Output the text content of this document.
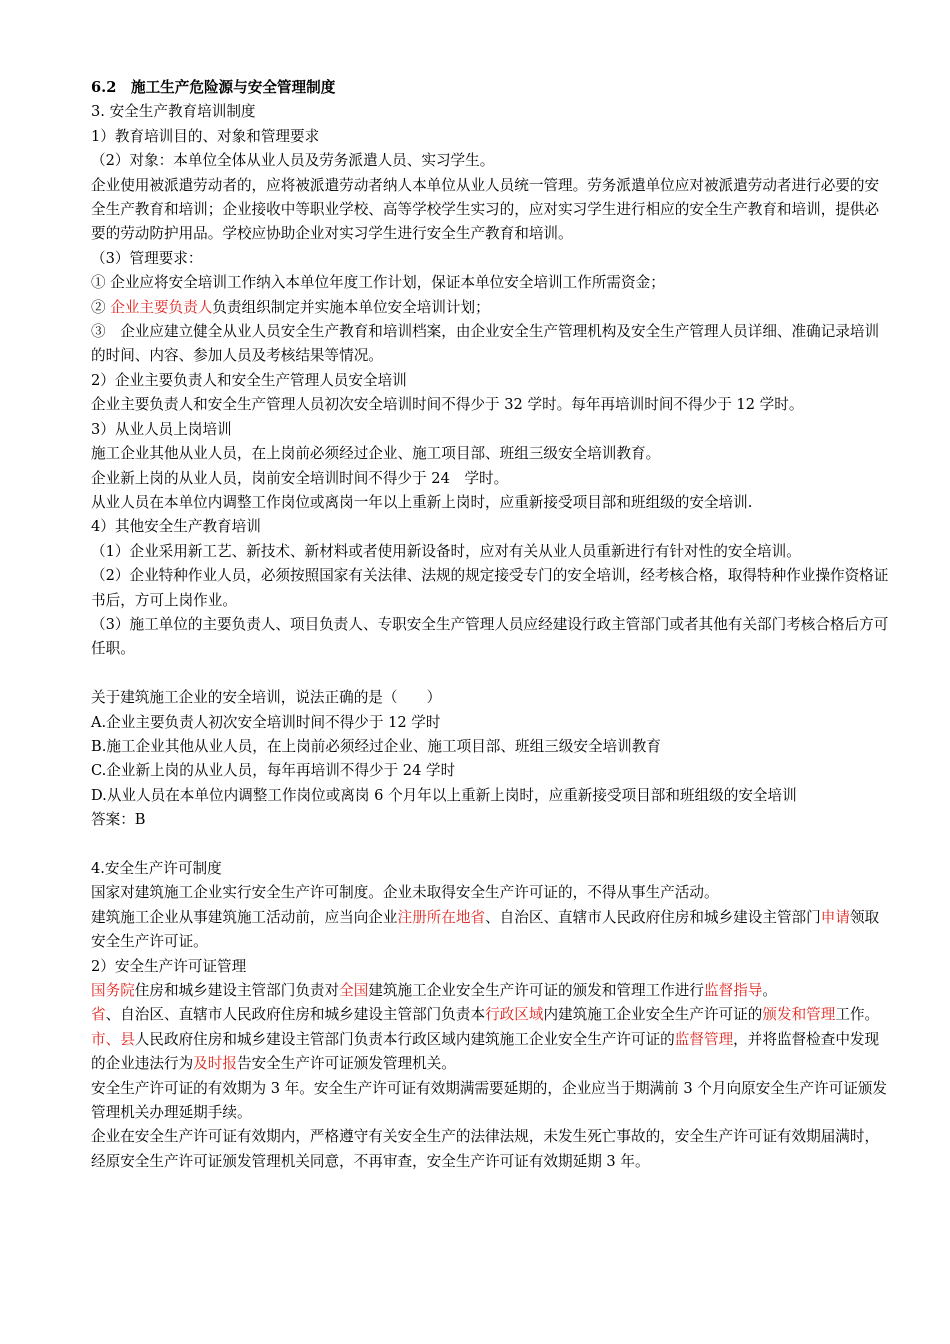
6.2　施工生产危险源与安全管理制度

3. 安全生产教育培训制度

1）教育培训目的、对象和管理要求

（2）对象：本单位全体从业人员及劳务派遣人员、实习学生。

企业使用被派遣劳动者的，应将被派遣劳动者纳人本单位从业人员统一管理。劳务派遣单位应对被派遣劳动者进行必要的安全生产教育和培训；企业接收中等职业学校、高等学校学生实习的，应对实习学生进行相应的安全生产教育和培训，提供必要的劳动防护用品。学校应协助企业对实习学生进行安全生产教育和培训。

（3）管理要求：

① 企业应将安全培训工作纳入本单位年度工作计划，保证本单位安全培训工作所需资金；

② 企业主要负责人负责组织制定并实施本单位安全培训计划；

③　企业应建立健全从业人员安全生产教育和培训档案，由企业安全生产管理机构及安全生产管理人员详细、准确记录培训的时间、内容、参加人员及考核结果等情况。

2）企业主要负责人和安全生产管理人员安全培训

企业主要负责人和安全生产管理人员初次安全培训时间不得少于 32 学时。每年再培训时间不得少于 12 学时。

3）从业人员上岗培训

施工企业其他从业人员，在上岗前必须经过企业、施工项目部、班组三级安全培训教育。

企业新上岗的从业人员，岗前安全培训时间不得少于 24　学时。

从业人员在本单位内调整工作岗位或离岗一年以上重新上岗时，应重新接受项目部和班组级的安全培训.

4）其他安全生产教育培训

（1）企业采用新工艺、新技术、新材料或者使用新设备时，应对有关从业人员重新进行有针对性的安全培训。

（2）企业特种作业人员，必须按照国家有关法律、法规的规定接受专门的安全培训，经考核合格，取得特种作业操作资格证书后，方可上岗作业。

（3）施工单位的主要负责人、项目负责人、专职安全生产管理人员应经建设行政主管部门或者其他有关部门考核合格后方可任职。

关于建筑施工企业的安全培训，说法正确的是（　　）

A.企业主要负责人初次安全培训时间不得少于 12 学时

B.施工企业其他从业人员，在上岗前必须经过企业、施工项目部、班组三级安全培训教育

C.企业新上岗的从业人员，每年再培训不得少于 24 学时

D.从业人员在本单位内调整工作岗位或离岗 6 个月年以上重新上岗时，应重新接受项目部和班组级的安全培训

答案：B

4.安全生产许可制度

国家对建筑施工企业实行安全生产许可制度。企业未取得安全生产许可证的，不得从事生产活动。

建筑施工企业从事建筑施工活动前，应当向企业注册所在地省、自治区、直辖市人民政府住房和城乡建设主管部门申请领取安全生产许可证。

2）安全生产许可证管理

国务院住房和城乡建设主管部门负责对全国建筑施工企业安全生产许可证的颁发和管理工作进行监督指导。

省、自治区、直辖市人民政府住房和城乡建设主管部门负责本行政区域内建筑施工企业安全生产许可证的颁发和管理工作。

市、县人民政府住房和城乡建设主管部门负责本行政区域内建筑施工企业安全生产许可证的监督管理，并将监督检查中发现的企业违法行为及时报告安全生产许可证颁发管理机关。

安全生产许可证的有效期为 3 年。安全生产许可证有效期满需要延期的，企业应当于期满前 3 个月向原安全生产许可证颁发管理机关办理延期手续。

企业在安全生产许可证有效期内，严格遵守有关安全生产的法律法规，未发生死亡事故的，安全生产许可证有效期届满时，经原安全生产许可证颁发管理机关同意，不再审查，安全生产许可证有效期延期 3 年。
